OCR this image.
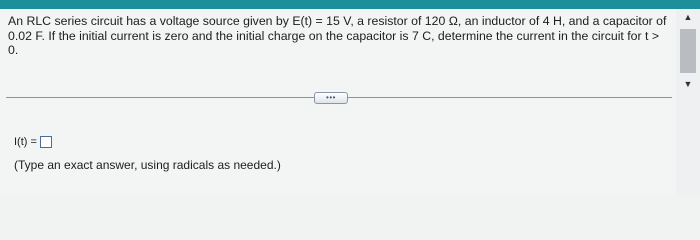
An RLC series circuit has a voltage source given by E(t) = 15 V, a resistor of 120 Ω, an inductor of 4 H, and a capacitor of 0.02 F. If the initial current is zero and the initial charge on the capacitor is 7 C, determine the current in the circuit for t > 0.

•••
I(t) =

(Type an exact answer, using radicals as needed.)

▲
▼
